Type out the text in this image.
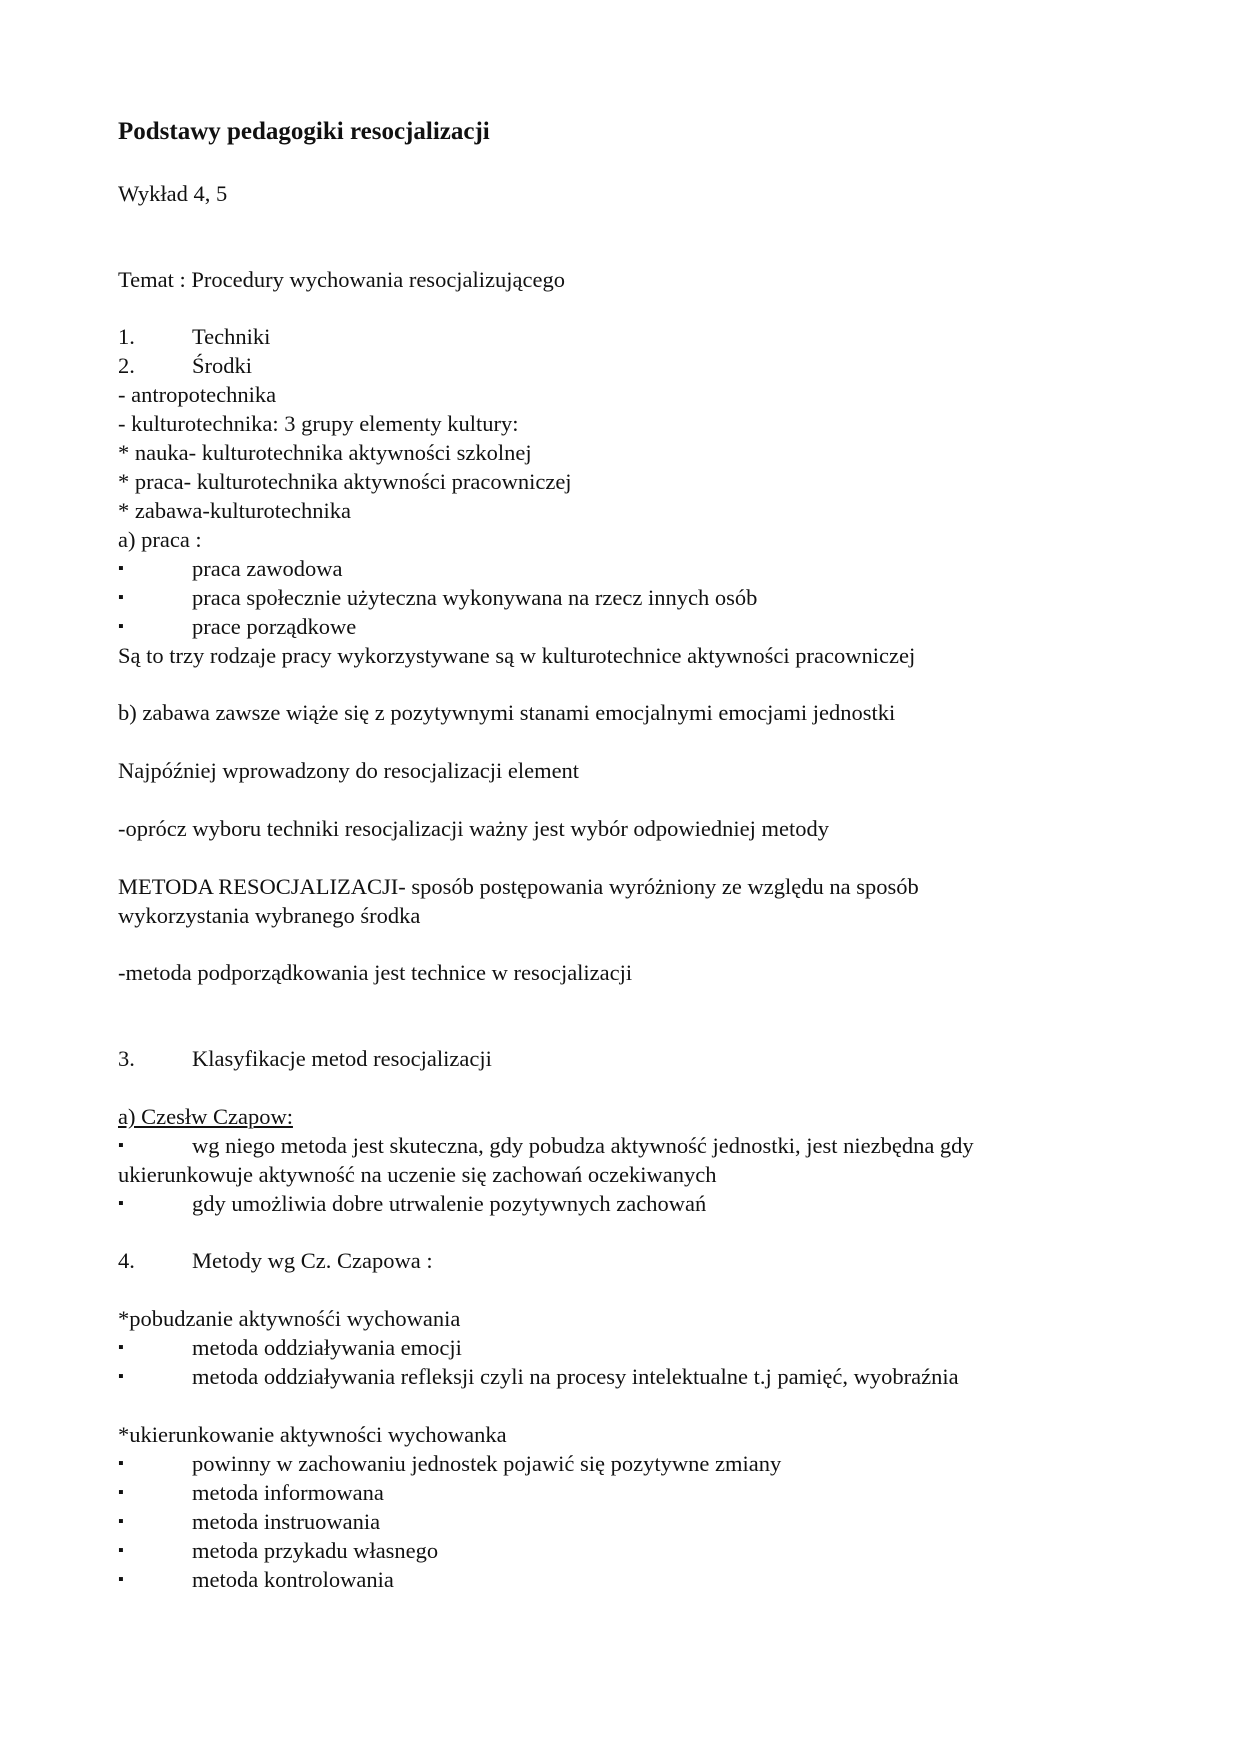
Podstawy pedagogiki resocjalizacji
Wykład 4, 5
Temat : Procedury wychowania resocjalizującego
1.	Techniki
2.	Środki
- antropotechnika
- kulturotechnika: 3 grupy elementy kultury:
* nauka- kulturotechnika aktywności szkolnej
* praca- kulturotechnika aktywności pracowniczej
* zabawa-kulturotechnika
a) praca :
▪	praca zawodowa
▪	praca społecznie użyteczna wykonywana na rzecz innych osób
▪	prace porządkowe
Są to trzy rodzaje pracy wykorzystywane są w kulturotechnice aktywności pracowniczej
b) zabawa zawsze wiąże się z pozytywnymi stanami emocjalnymi emocjami jednostki
Najpóźniej wprowadzony do resocjalizacji element
-oprócz wyboru techniki resocjalizacji ważny jest wybór odpowiedniej metody
METODA RESOCJALIZACJI- sposób postępowania wyróżniony ze względu na sposób
wykorzystania wybranego środka
-metoda podporządkowania jest technice w resocjalizacji
3.	Klasyfikacje metod resocjalizacji
a) Czesłw Czapow:
▪	wg niego metoda jest skuteczna, gdy pobudza aktywność jednostki, jest niezbędna gdy
ukierunkowuje aktywność na uczenie się zachowań oczekiwanych
▪	gdy umożliwia dobre utrwalenie pozytywnych zachowań
4.	Metody wg Cz. Czapowa :
*pobudzanie aktywnośći wychowania
▪	metoda oddziaływania emocji
▪	metoda oddziaływania refleksji czyli na procesy intelektualne t.j pamięć, wyobraźnia
*ukierunkowanie aktywności wychowanka
▪	powinny w zachowaniu jednostek pojawić się pozytywne zmiany
▪	metoda informowana
▪	metoda instruowania
▪	metoda przykadu własnego
▪	metoda kontrolowania
